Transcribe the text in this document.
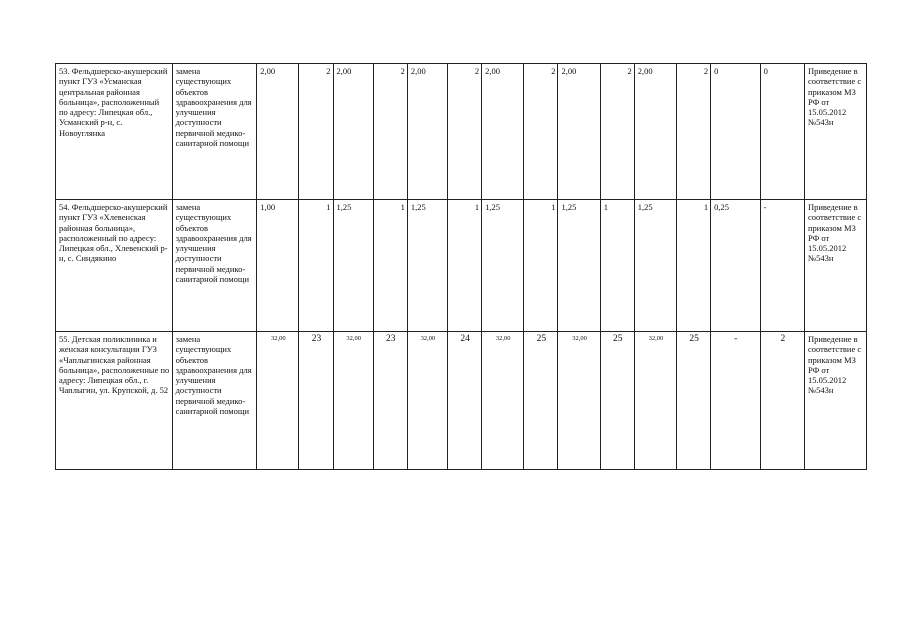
53. Фельдшерско-акушерский пункт ГУЗ «Усманская центральная районная больница», расположенный по адресу: Липецкая обл., Усманский р-н, с. Новоуглянка	замена существующих объектов здравоохранения для улучшения доступности первичной медико-санитарной помощи	2,00	2	2,00	2	2,00	2	2,00	2	2,00	2	2,00	2	0	0	Приведение в соответствие с приказом МЗ РФ от 15.05.2012 №543н
54. Фельдшерско-акушерский пункт ГУЗ «Хлевенская районная больница», расположенный по адресу: Липецкая обл., Хлевенский р-н, с. Синдякино	замена существующих объектов здравоохранения для улучшения доступности первичной медико-санитарной помощи	1,00	1	1,25	1	1,25	1	1,25	1	1,25	1	1,25	1	0,25	-	Приведение в соответствие с приказом МЗ РФ от 15.05.2012 №543н
55. Детская поликлиника и женская консультации ГУЗ «Чаплыгинская районная больница», расположенные по адресу: Липецкая обл., г. Чаплыгин, ул. Крупской, д. 52	замена существующих объектов здравоохранения для улучшения доступности первичной медико-санитарной помощи	32,00	23	32,00	23	32,00	24	32,00	25	32,00	25	32,00	25	-	2	Приведение в соответствие с приказом МЗ РФ от 15.05.2012 №543н
